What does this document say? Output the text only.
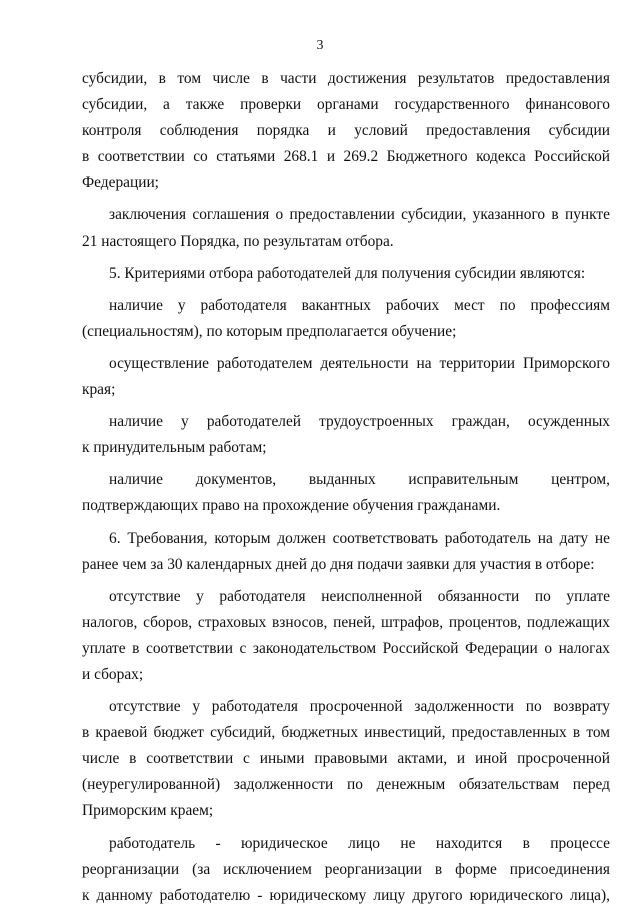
3
субсидии, в том числе в части достижения результатов предоставления
субсидии, а также проверки органами государственного финансового
контроля соблюдения порядка и условий предоставления субсидии
в соответствии со статьями 268.1 и 269.2 Бюджетного кодекса Российской
Федерации;
заключения соглашения о предоставлении субсидии, указанного в пункте
21 настоящего Порядка, по результатам отбора.
5. Критериями отбора работодателей для получения субсидии являются:
наличие у работодателя вакантных рабочих мест по профессиям
(специальностям), по которым предполагается обучение;
осуществление работодателем деятельности на территории Приморского
края;
наличие у работодателей трудоустроенных граждан, осужденных
к принудительным работам;
наличие документов, выданных исправительным центром,
подтверждающих право на прохождение обучения гражданами.
6. Требования, которым должен соответствовать работодатель на дату не
ранее чем за 30 календарных дней до дня подачи заявки для участия в отборе:
отсутствие у работодателя неисполненной обязанности по уплате
налогов, сборов, страховых взносов, пеней, штрафов, процентов, подлежащих
уплате в соответствии с законодательством Российской Федерации о налогах
и сборах;
отсутствие у работодателя просроченной задолженности по возврату
в краевой бюджет субсидий, бюджетных инвестиций, предоставленных в том
числе в соответствии с иными правовыми актами, и иной просроченной
(неурегулированной) задолженности по денежным обязательствам перед
Приморским краем;
работодатель - юридическое лицо не находится в процессе
реорганизации (за исключением реорганизации в форме присоединения
к данному работодателю - юридическому лицу другого юридического лица),
